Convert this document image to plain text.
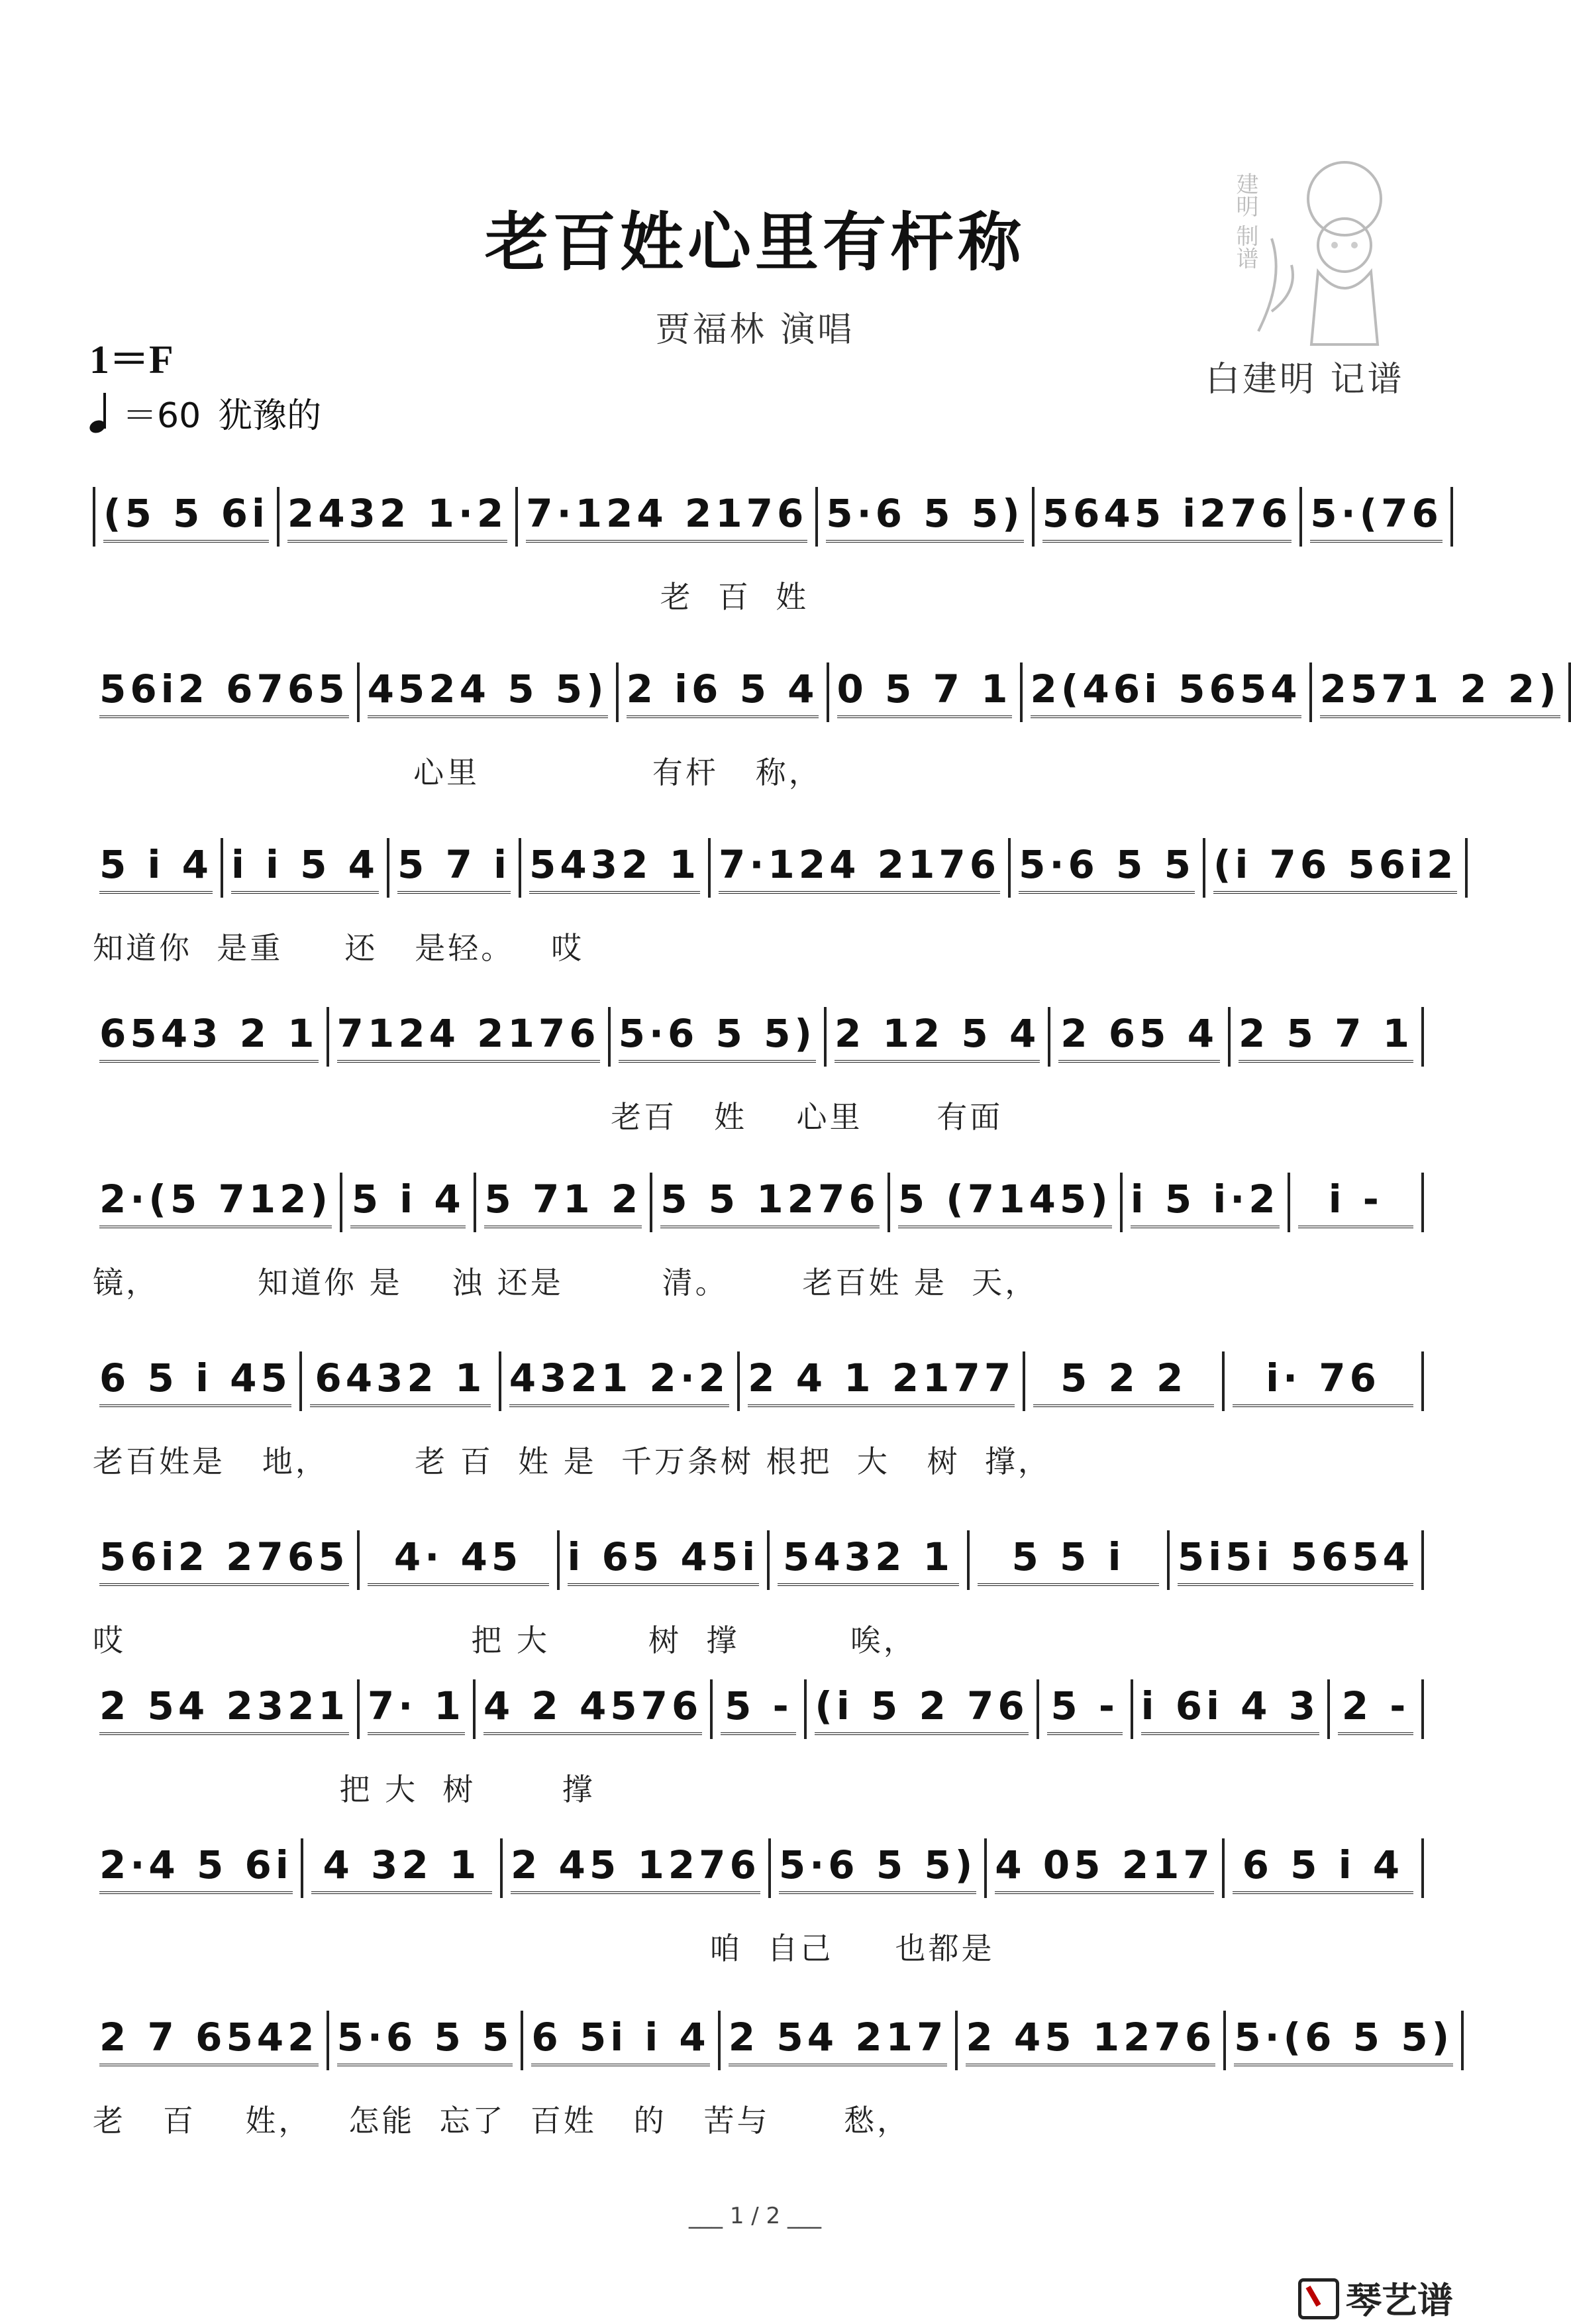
老百姓心里有杆称
贾福林 演唱
1＝F
＝60 犹豫的
白建明 记谱
建明 制谱
(5 5 6i 2432 1·2 7·124 2176 5·6 5 5) 5645 i276 5·(76
老  百  姓
56i2 6765 4524 5 5) 2 i6 5 4 0 5 7 1 2(46i 5654 2571 2 2)
心里              有杆   称，
5 i 4 i i 5 4 5 7 i 5432 1 7·124 2176 5·6 5 5 (i 76 56i2
知道你  是重     还   是轻。   哎
6543 2 1 7124 2176 5·6 5 5) 2 12 5 4 2 65 4 2 5 7 1
老百   姓    心里      有面
2·(5 712) 5 i 4 5 71 2 5 5 1276 5 (7145) i 5 i·2	i -
镜，        知道你 是    浊 还是        清。      老百姓 是  天，
6 5 i 45 6432 1 4321 2·2 2 4 1 2177	5 2 2	i· 76
老百姓是   地，       老 百  姓 是  千万条树 根把  大   树  撑，
56i2 2765	4· 45	i 65 45i 5432 1	5 5 i	5i5i 5654
哎                            把 大        树  撑         唉，
2 54 2321 7· 1 4 2 4576 5 - (i 5 2 76 5 - i 6i 4 3 2 -
把 大  树       撑
2·4 5 6i 4 32 1 2 45 1276 5·6 5 5) 4 05 217 6 5 i 4
咱  自己     也都是
2 7 6542 5·6 5 5 6 5i i 4 2 54 217 2 45 1276 5·(6 5 5)
老   百    姓，   怎能  忘了  百姓   的   苦与      愁，
___ 1 / 2 ___
琴艺谱
